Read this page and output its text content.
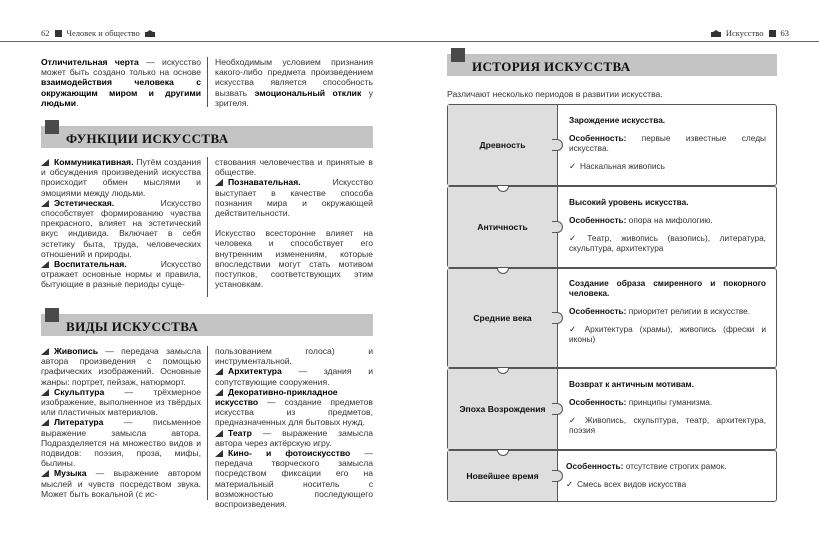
62 Человек и общество
Отличительная черта — искусство может быть создано только на основе взаимодействия человека с окружающим миром и другими людьми.
Необходимым условием признания какого-либо предмета произведением искусства является способность вызвать эмоциональный отклик у зрителя.
ФУНКЦИИ ИСКУССТВА
Коммуникативная. Путём создания и обсуждения произведений искусства происходит обмен мыслями и эмоциями между людьми.
Эстетическая. Искусство способствует формированию чувства прекрасного, влияет на эстетический вкус индивида. Включает в себя эстетику быта, труда, человеческих отношений и природы.
Воспитательная.	Искусство отражает основные нормы и правила, бытующие в разные периоды суще-
ствования человечества и принятые в обществе.
Познавательная. Искусство выступает в качестве способа познания мира и окружающей действительности.
Искусство всесторонне влияет на человека и способствует его внутренним изменениям, которые впоследствии могут стать мотивом поступков, соответствующих этим установкам.
ВИДЫ ИСКУССТВА
Живопись — передача замысла автора произведения с помощью графических изображений. Основные жанры: портрет, пейзаж, натюрморт.
Скульптура — трёхмерное изображение, выполненное из твёрдых или пластичных материалов.
Литература — письменное выражение замысла автора. Подразделяется на множество видов и подвидов: поэзия, проза, мифы, былины.
Музыка — выражение автором мыслей и чувств посредством звука. Может быть вокальной (с ис-
пользованием голоса) и инструментальной.
Архитектура — здания и сопутствующие сооружения.
Декоративно-прикладное искусство — создание предметов искусства из предметов, предназначенных для бытовых нужд.
Театр — выражение замысла автора через актёрскую игру.
Кино- и фотоискусство — передача творческого замысла посредством фиксации его на материальный носитель с возможностью последующего воспроизведения.
Искусство 63
ИСТОРИЯ ИСКУССТВА
Различают несколько периодов в развитии искусства.
Древность
Зарождение искусства.
Особенность: первые известные следы искусства.
✓ Наскальная живопись
Античность
Высокий уровень искусства.
Особенность: опора на мифологию.
✓ Театр, живопись (вазопись), литература, скульптура, архитектура
Средние века
Создание образа смиренного и покорного человека.
Особенность: приоритет религии в искусстве.
✓ Архитектура (храмы), живопись (фрески и иконы)
Эпоха Возрождения
Возврат к античным мотивам.
Особенность: принципы гуманизма.
✓ Живопись, скульптура, театр, архитектура, поэзия
Новейшее время
Особенность: отсутствие строгих рамок.
✓ Смесь всех видов искусства
